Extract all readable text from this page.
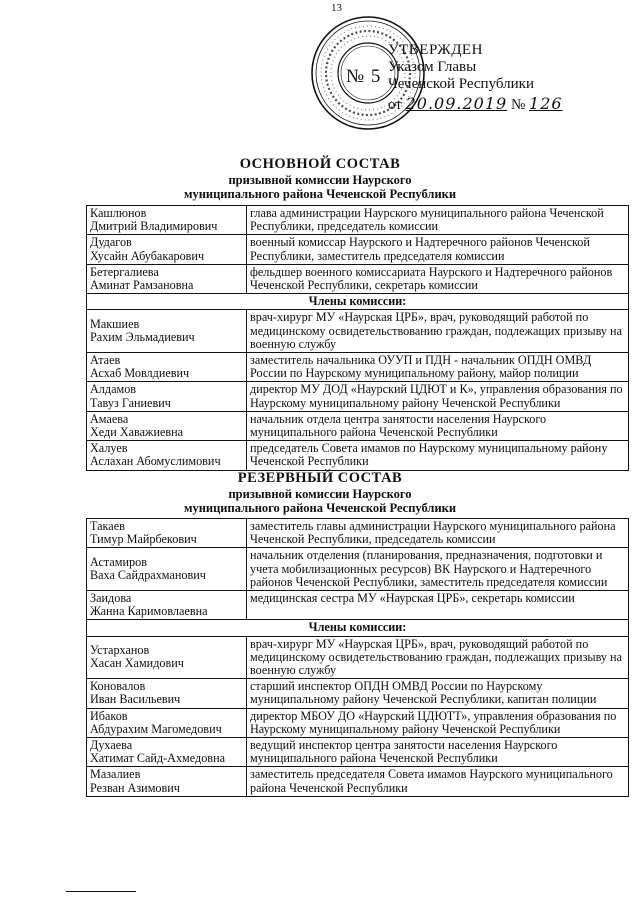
13
№ 5
УТВЕРЖДЕН
Указом Главы
Чеченской Республики
от 20.09.2019 № 126
ОСНОВНОЙ СОСТАВ
призывной комиссии Наурского
муниципального района Чеченской Республики
Кашлюнов
Дмитрий Владимирович	глава администрации Наурского муниципального района Чеченской Республики, председатель комиссии

Дудагов
Хусайн Абубакарович	военный комиссар Наурского и Надтеречного районов Чеченской Республики, заместитель председателя комиссии

Бетергалиева
Аминат Рамзановна	фельдшер военного комиссариата Наурского и Надтеречного районов Чеченской Республики, секретарь комиссии
Члены комиссии:	

Макшиев
Рахим Эльмадиевич	врач-хирург МУ «Наурская ЦРБ», врач, руководящий работой по медицинскому освидетельствованию граждан, подлежащих призыву на военную службу

Атаев
Асхаб Мовлдиевич	заместитель начальника ОУУП и ПДН - начальник ОПДН ОМВД России по Наурскому муниципальному району, майор полиции

Алдамов
Тавуз Ганиевич	директор МУ ДОД «Наурский ЦДЮТ и К», управления образования по Наурскому муниципальному району Чеченской Республики

Амаева
Хеди Хаважиевна	начальник отдела центра занятости населения Наурского муниципального района Чеченской Республики

Халуев
Аслахан Абомуслимович	председатель Совета имамов по Наурскому муниципальному району Чеченской Республики
РЕЗЕРВНЫЙ СОСТАВ
призывной комиссии Наурского
муниципального района Чеченской Республики
Такаев
Тимур Майрбекович	заместитель главы администрации Наурского муниципального района Чеченской Республики, председатель комиссии

Астамиров
Ваха Сайдрахманович	начальник отделения (планирования, предназначения, подготовки и учета мобилизационных ресурсов) ВК Наурского и Надтеречного районов Чеченской Республики, заместитель председателя комиссии

Заидова
Жанна Каримовлаевна	медицинская сестра МУ «Наурская ЦРБ», секретарь комиссии
Члены комиссии:	

Устарханов
Хасан Хамидович	врач-хирург МУ «Наурская ЦРБ», врач, руководящий работой по медицинскому освидетельствованию граждан, подлежащих призыву на военную службу

Коновалов
Иван Васильевич	старший инспектор ОПДН ОМВД России по Наурскому муниципальному району Чеченской Республики, капитан полиции

Ибаков
Абдурахим Магомедович	директор МБОУ ДО «Наурский ЦДЮТТ», управления образования по Наурскому муниципальному району Чеченской Республики

Духаева
Хатимат Сайд-Ахмедовна	ведущий инспектор центра занятости населения Наурского муниципального района Чеченской Республики

Мазалиев
Резван Азимович	заместитель председателя Совета имамов Наурского муниципального района Чеченской Республики
